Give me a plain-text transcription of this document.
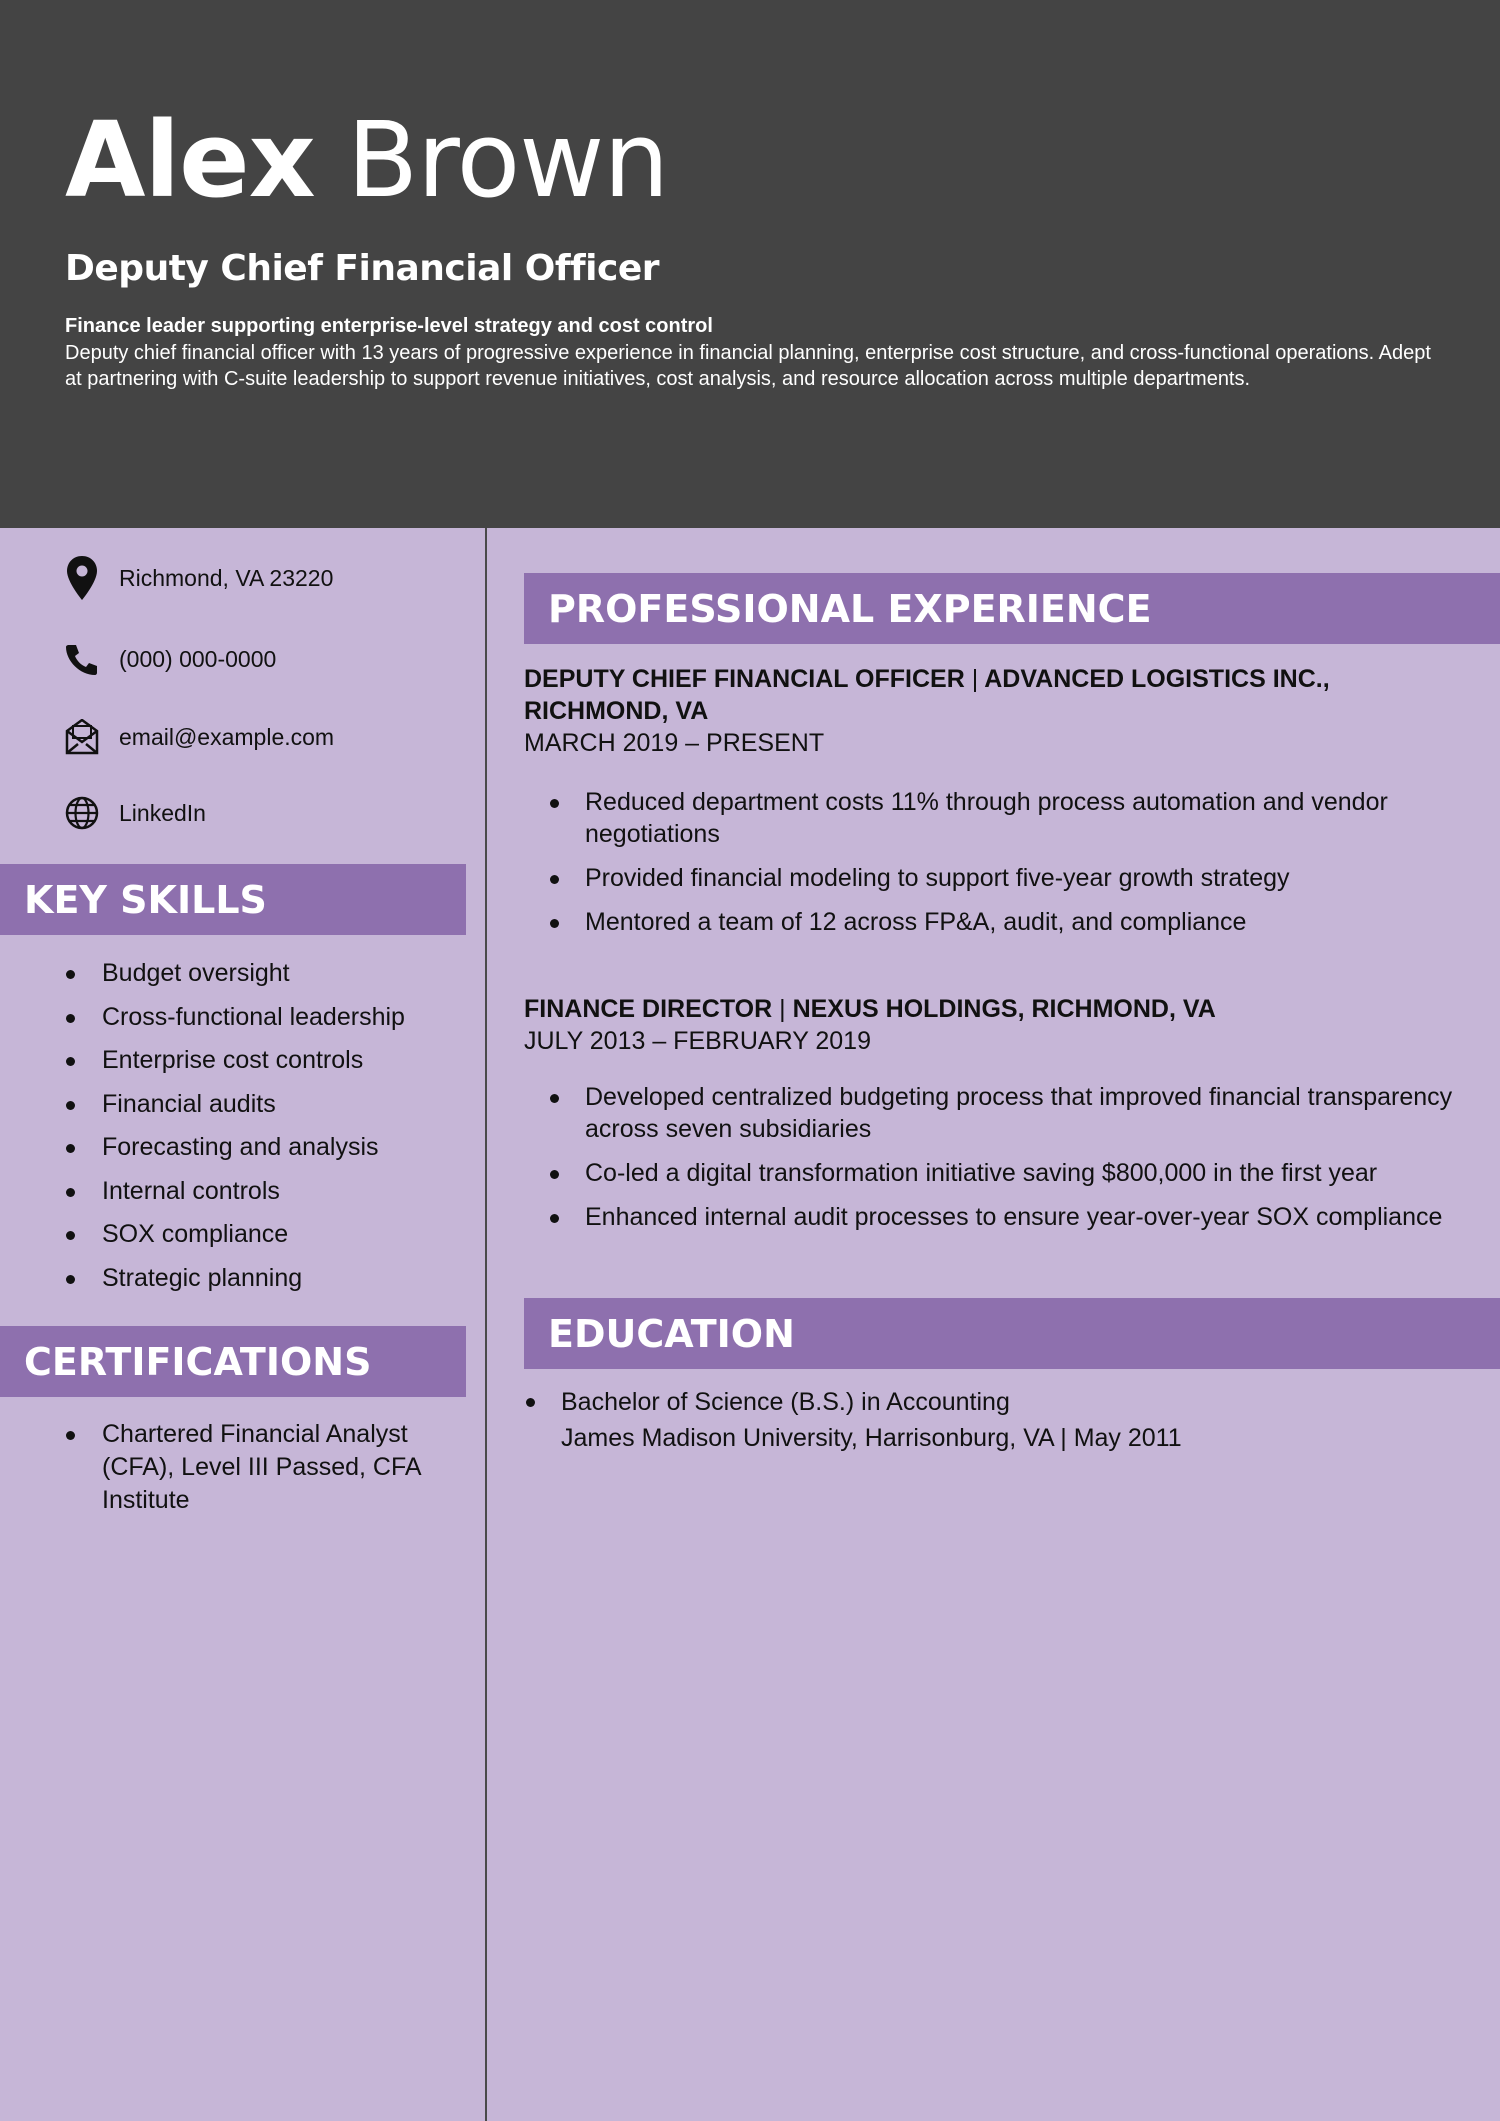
Alex Brown
Deputy Chief Financial Officer
Finance leader supporting enterprise-level strategy and cost control
Deputy chief financial officer with 13 years of progressive experience in financial planning, enterprise cost structure, and cross-functional operations. Adept at partnering with C-suite leadership to support revenue initiatives, cost analysis, and resource allocation across multiple departments.
Richmond, VA 23220
(000) 000-0000
email@example.com
LinkedIn
KEY SKILLS
Budget oversight
Cross-functional leadership
Enterprise cost controls
Financial audits
Forecasting and analysis
Internal controls
SOX compliance
Strategic planning
CERTIFICATIONS
Chartered Financial Analyst (CFA), Level III Passed, CFA Institute
PROFESSIONAL EXPERIENCE
DEPUTY CHIEF FINANCIAL OFFICER | ADVANCED LOGISTICS INC., RICHMOND, VA
MARCH 2019 – PRESENT
Reduced department costs 11% through process automation and vendor negotiations
Provided financial modeling to support five-year growth strategy
Mentored a team of 12 across FP&A, audit, and compliance
FINANCE DIRECTOR | NEXUS HOLDINGS, RICHMOND, VA
JULY 2013 – FEBRUARY 2019
Developed centralized budgeting process that improved financial transparency across seven subsidiaries
Co-led a digital transformation initiative saving $800,000 in the first year
Enhanced internal audit processes to ensure year-over-year SOX compliance
EDUCATION
Bachelor of Science (B.S.) in Accounting
James Madison University, Harrisonburg, VA | May 2011
